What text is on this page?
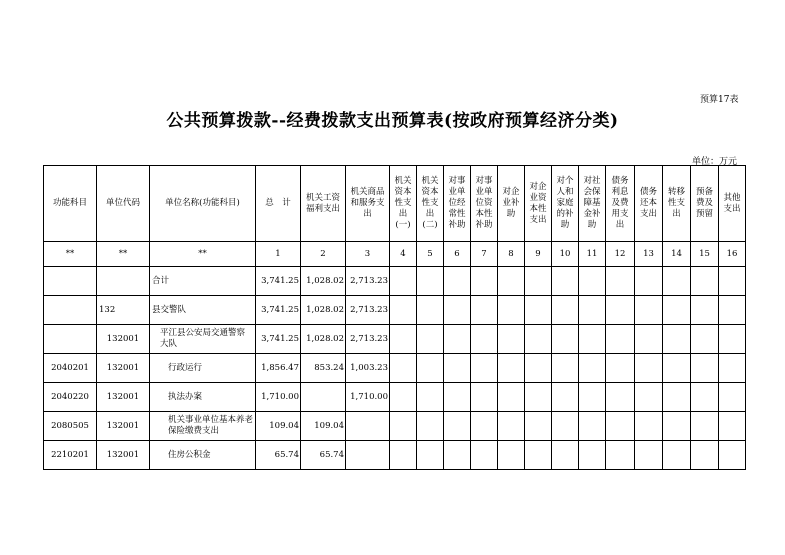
预算17表
公共预算拨款--经费拨款支出预算表(按政府预算经济分类)
单位：万元
功能科目	单位代码	单位名称(功能科目)	总　计	机关工资福利支出	机关商品和服务支出	机关资本性支出(一)	机关资本性支出(二)	对事业单位经常性补助	对事业单位资本性补助	对企业补助	对企业资本性支出	对个人和家庭的补助	对社会保障基金补助	债务利息及费用支出	债务还本支出	转移性支出	预备费及预留	其他支出
**	**	**	1	2	3	4	5	6	7	8	9	10	11	12	13	14	15	16
		合计	3,741.25	1,028.02	2,713.23													
	132	县交警队	3,741.25	1,028.02	2,713.23													
	132001	平江县公安局交通警察大队	3,741.25	1,028.02	2,713.23													
2040201	132001	行政运行	1,856.47	853.24	1,003.23													
2040220	132001	执法办案	1,710.00		1,710.00													
2080505	132001	机关事业单位基本养老保险缴费支出	109.04	109.04														
2210201	132001	住房公积金	65.74	65.74														
